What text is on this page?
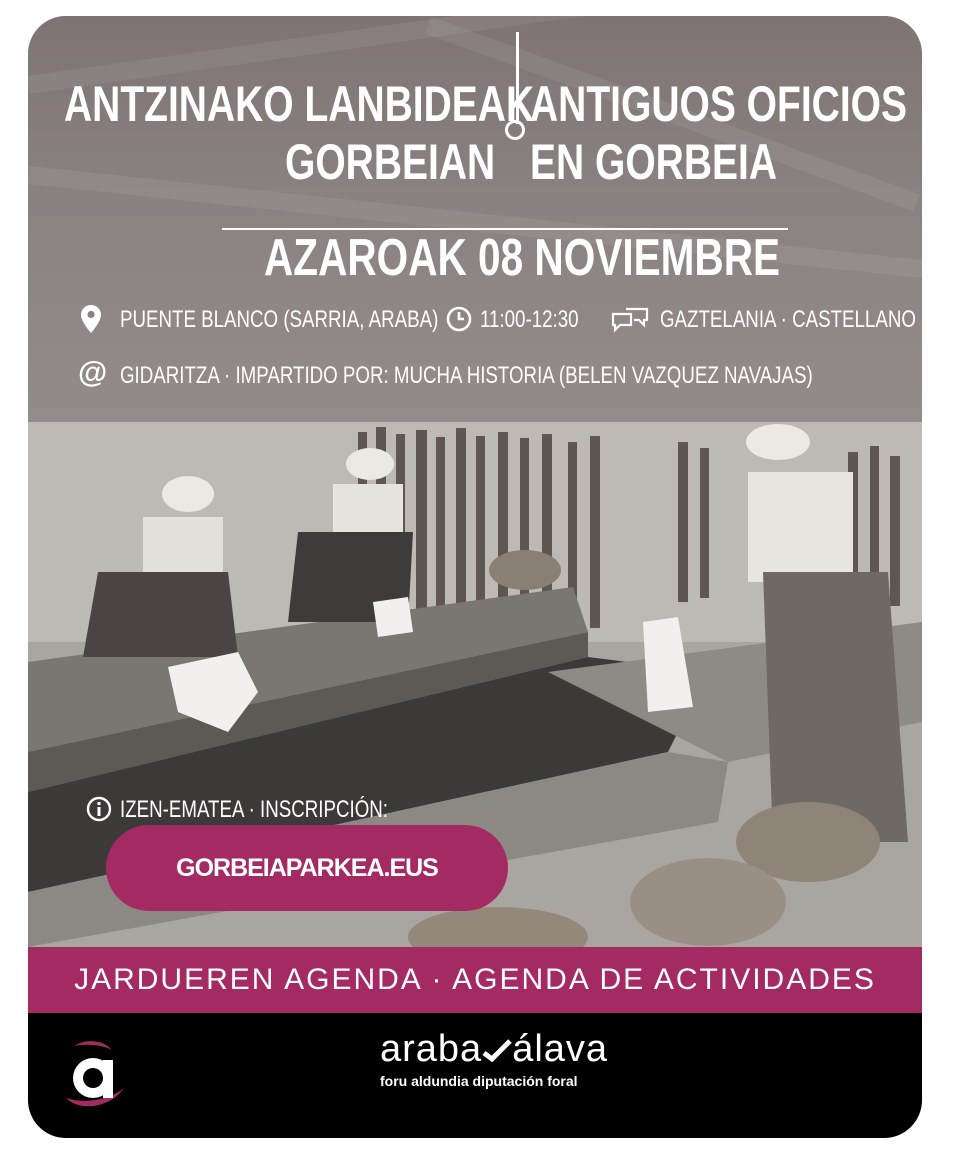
ANTZINAKO LANBIDEAK
GORBEIAN
ANTIGUOS OFICIOS
EN GORBEIA
AZAROAK 08 NOVIEMBRE
PUENTE BLANCO (SARRIA, ARABA) 11:00-12:30	GAZTELANIA · CASTELLANO
@ GIDARITZA · IMPARTIDO POR: MUCHA HISTORIA (BELEN VAZQUEZ NAVAJAS)
IZEN-EMATEA · INSCRIPCIÓN:
JARDUEREN AGENDA · AGENDA DE ACTIVIDADES
GORBEIAPARKEA.EUS
araba álava
foru aldundia diputación foral
